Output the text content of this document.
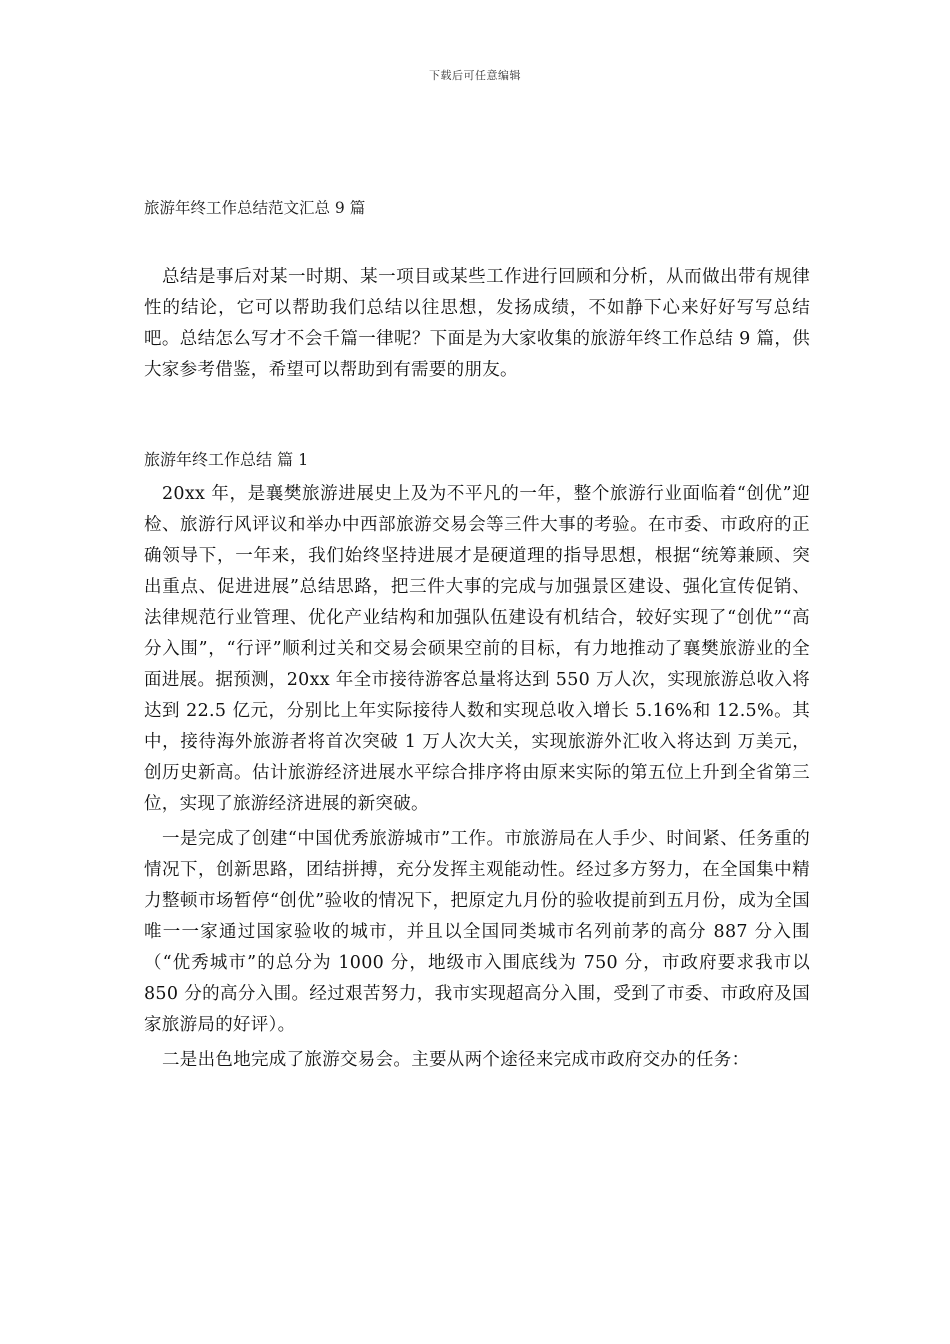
下载后可任意编辑
旅游年终工作总结范文汇总 9 篇

总结是事后对某一时期、某一项目或某些工作进行回顾和分析，从而做出带有规律性的结论，它可以帮助我们总结以往思想，发扬成绩，不如静下心来好好写写总结吧。总结怎么写才不会千篇一律呢？下面是为大家收集的旅游年终工作总结 9 篇，供大家参考借鉴，希望可以帮助到有需要的朋友。

旅游年终工作总结 篇 1

20xx 年，是襄樊旅游进展史上及为不平凡的一年，整个旅游行业面临着“创优”迎检、旅游行风评议和举办中西部旅游交易会等三件大事的考验。在市委、市政府的正确领导下，一年来，我们始终坚持进展才是硬道理的指导思想，根据“统筹兼顾、突出重点、促进进展”总结思路，把三件大事的完成与加强景区建设、强化宣传促销、法律规范行业管理、优化产业结构和加强队伍建设有机结合，较好实现了“创优”“高分入围”，“行评”顺利过关和交易会硕果空前的目标，有力地推动了襄樊旅游业的全面进展。据预测，20xx 年全市接待游客总量将达到 550 万人次，实现旅游总收入将达到 22.5 亿元，分别比上年实际接待人数和实现总收入增长 5.16%和 12.5%。其中，接待海外旅游者将首次突破 1 万人次大关，实现旅游外汇收入将达到 万美元，创历史新高。估计旅游经济进展水平综合排序将由原来实际的第五位上升到全省第三位，实现了旅游经济进展的新突破。

一是完成了创建“中国优秀旅游城市”工作。市旅游局在人手少、时间紧、任务重的情况下，创新思路，团结拼搏，充分发挥主观能动性。经过多方努力，在全国集中精力整顿市场暂停“创优”验收的情况下，把原定九月份的验收提前到五月份，成为全国唯一一家通过国家验收的城市，并且以全国同类城市名列前茅的高分 887 分入围（“优秀城市”的总分为 1000 分，地级市入围底线为 750 分，市政府要求我市以 850 分的高分入围。经过艰苦努力，我市实现超高分入围，受到了市委、市政府及国家旅游局的好评）。

二是出色地完成了旅游交易会。主要从两个途径来完成市政府交办的任务：
